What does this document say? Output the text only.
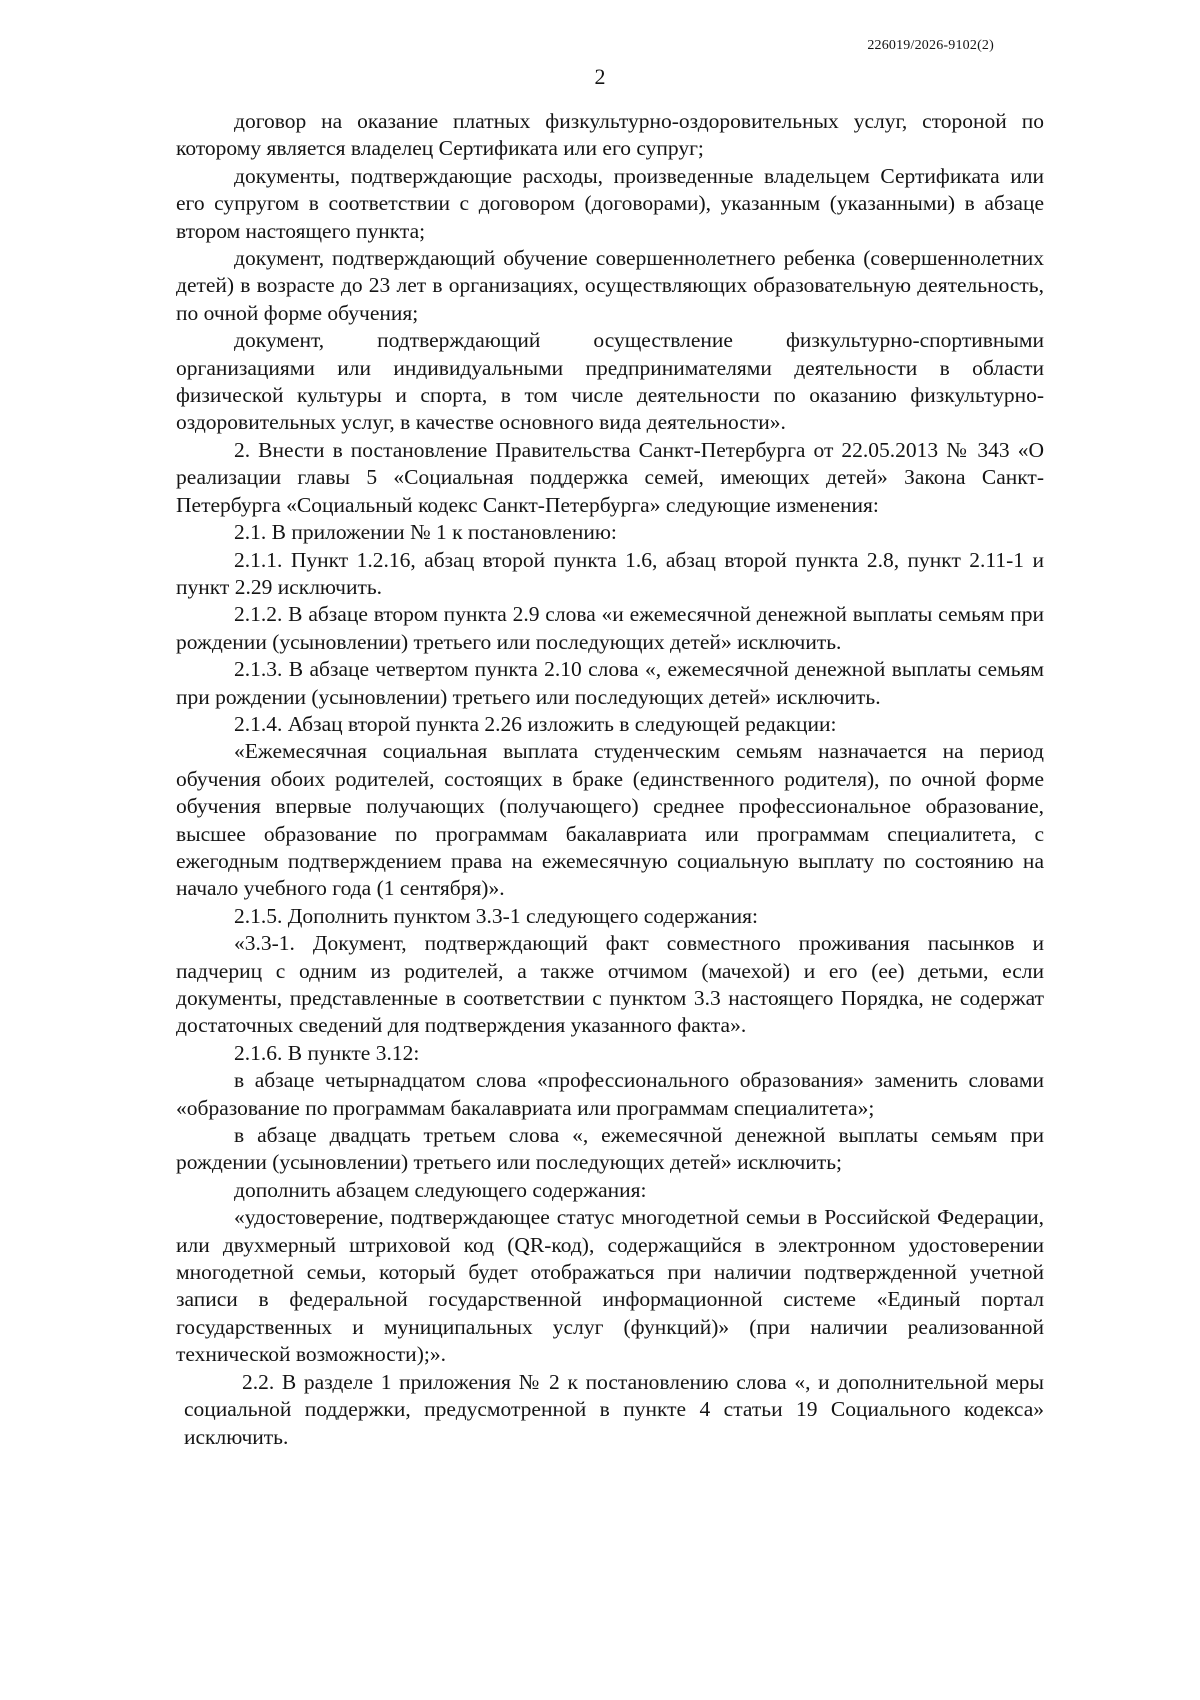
226019/2026-9102(2)
2

договор на оказание платных физкультурно-оздоровительных услуг, стороной по которому является владелец Сертификата или его супруг;

документы, подтверждающие расходы, произведенные владельцем Сертификата или его супругом в соответствии с договором (договорами), указанным (указанными) в абзаце втором настоящего пункта;

документ, подтверждающий обучение совершеннолетнего ребенка (совершеннолетних детей) в возрасте до 23 лет в организациях, осуществляющих образовательную деятельность, по очной форме обучения;

документ, подтверждающий осуществление физкультурно-спортивными организациями или индивидуальными предпринимателями деятельности в области физической культуры и спорта, в том числе деятельности по оказанию физкультурно-оздоровительных услуг, в качестве основного вида деятельности».

2. Внести в постановление Правительства Санкт-Петербурга от 22.05.2013 № 343 «О реализации главы 5 «Социальная поддержка семей, имеющих детей» Закона Санкт-Петербурга «Социальный кодекс Санкт-Петербурга» следующие изменения:

2.1. В приложении № 1 к постановлению:

2.1.1. Пункт 1.2.16, абзац второй пункта 1.6, абзац второй пункта 2.8, пункт 2.11-1 и пункт 2.29 исключить.

2.1.2. В абзаце втором пункта 2.9 слова «и ежемесячной денежной выплаты семьям при рождении (усыновлении) третьего или последующих детей» исключить.

2.1.3. В абзаце четвертом пункта 2.10 слова «, ежемесячной денежной выплаты семьям при рождении (усыновлении) третьего или последующих детей» исключить.

2.1.4. Абзац второй пункта 2.26 изложить в следующей редакции:

«Ежемесячная социальная выплата студенческим семьям назначается на период обучения обоих родителей, состоящих в браке (единственного родителя), по очной форме обучения впервые получающих (получающего) среднее профессиональное образование, высшее образование по программам бакалавриата или программам специалитета, с ежегодным подтверждением права на ежемесячную социальную выплату по состоянию на начало учебного года (1 сентября)».

2.1.5. Дополнить пунктом 3.3-1 следующего содержания:

«3.3-1. Документ, подтверждающий факт совместного проживания пасынков и падчериц с одним из родителей, а также отчимом (мачехой) и его (ее) детьми, если документы, представленные в соответствии с пунктом 3.3 настоящего Порядка, не содержат достаточных сведений для подтверждения указанного факта».

2.1.6. В пункте 3.12:

в абзаце четырнадцатом слова «профессионального образования» заменить словами «образование по программам бакалавриата или программам специалитета»;

в абзаце двадцать третьем слова «, ежемесячной денежной выплаты семьям при рождении (усыновлении) третьего или последующих детей» исключить;

дополнить абзацем следующего содержания:

«удостоверение, подтверждающее статус многодетной семьи в Российской Федерации, или двухмерный штриховой код (QR-код), содержащийся в электронном удостоверении многодетной семьи, который будет отображаться при наличии подтвержденной учетной записи в федеральной государственной информационной системе «Единый портал государственных и муниципальных услуг (функций)» (при наличии реализованной технической возможности);».

2.2. В разделе 1 приложения № 2 к постановлению слова «, и дополнительной меры социальной поддержки, предусмотренной в пункте 4 статьи 19 Социального кодекса» исключить.
